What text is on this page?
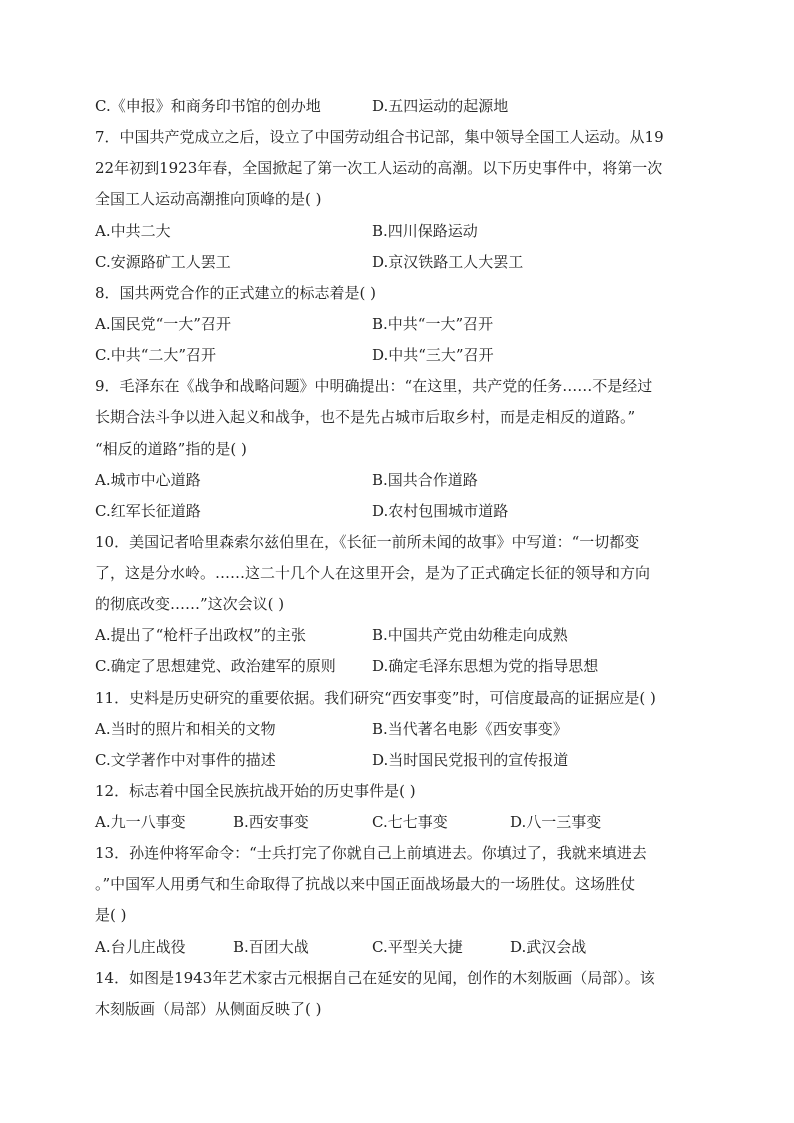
C.《申报》和商务印书馆的创办地	D.五四运动的起源地
7．中国共产党成立之后，设立了中国劳动组合书记部，集中领导全国工人运动。从19
22年初到1923年春，全国掀起了第一次工人运动的高潮。以下历史事件中，将第一次
全国工人运动高潮推向顶峰的是( )
A.中共二大	B.四川保路运动
C.安源路矿工人罢工	D.京汉铁路工人大罢工
8．国共两党合作的正式建立的标志着是( )
A.国民党“一大”召开	B.中共“一大”召开
C.中共“二大”召开	D.中共“三大”召开
9．毛泽东在《战争和战略问题》中明确提出：“在这里，共产党的任务……不是经过
长期合法斗争以进入起义和战争，也不是先占城市后取乡村，而是走相反的道路。”
“相反的道路”指的是( )
A.城市中心道路	B.国共合作道路
C.红军长征道路	D.农村包围城市道路
10．美国记者哈里森索尔兹伯里在，《长征一前所未闻的故事》中写道：“一切都变
了，这是分水岭。……这二十几个人在这里开会，是为了正式确定长征的领导和方向
的彻底改变……”这次会议( )
A.提出了“枪杆子出政权”的主张	B.中国共产党由幼稚走向成熟
C.确定了思想建党、政治建军的原则 D.确定毛泽东思想为党的指导思想
11．史料是历史研究的重要依据。我们研究“西安事变”时，可信度最高的证据应是( )
A.当时的照片和相关的文物	B.当代著名电影《西安事变》
C.文学著作中对事件的描述	D.当时国民党报刊的宣传报道
12．标志着中国全民族抗战开始的历史事件是( )
A.九一八事变	B.西安事变	C.七七事变	D.八一三事变
13．孙连仲将军命令：“士兵打完了你就自己上前填进去。你填过了，我就来填进去
。”中国军人用勇气和生命取得了抗战以来中国正面战场最大的一场胜仗。这场胜仗
是( )
A.台儿庄战役	B.百团大战	C.平型关大捷	D.武汉会战
14．如图是1943年艺术家古元根据自己在延安的见闻，创作的木刻版画（局部）。该
木刻版画（局部）从侧面反映了( )
